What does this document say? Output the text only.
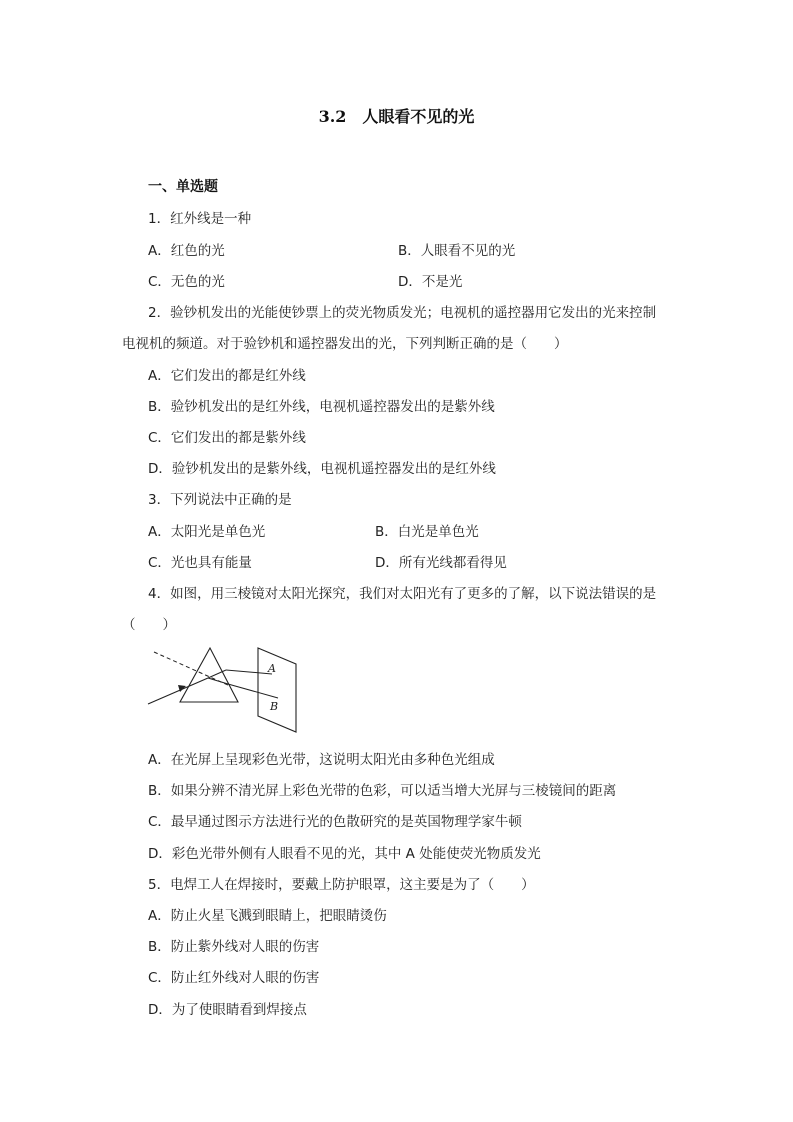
3.2　人眼看不见的光
一、单选题
1．红外线是一种
A．红色的光	B．人眼看不见的光
C．无色的光	D．不是光
2．验钞机发出的光能使钞票上的荧光物质发光；电视机的遥控器用它发出的光来控制
电视机的频道。对于验钞机和遥控器发出的光，下列判断正确的是（　　）
A．它们发出的都是红外线
B．验钞机发出的是红外线，电视机遥控器发出的是紫外线
C．它们发出的都是紫外线
D．验钞机发出的是紫外线，电视机遥控器发出的是红外线
3．下列说法中正确的是
A．太阳光是单色光	B．白光是单色光
C．光也具有能量	D．所有光线都看得见
4．如图，用三棱镜对太阳光探究，我们对太阳光有了更多的了解，以下说法错误的是
（　　）
A
B
A．在光屏上呈现彩色光带，这说明太阳光由多种色光组成
B．如果分辨不清光屏上彩色光带的色彩，可以适当增大光屏与三棱镜间的距离
C．最早通过图示方法进行光的色散研究的是英国物理学家牛顿
D．彩色光带外侧有人眼看不见的光，其中 A 处能使荧光物质发光
5．电焊工人在焊接时，要戴上防护眼罩，这主要是为了（　　）
A．防止火星飞溅到眼睛上，把眼睛烫伤
B．防止紫外线对人眼的伤害
C．防止红外线对人眼的伤害
D．为了使眼睛看到焊接点
